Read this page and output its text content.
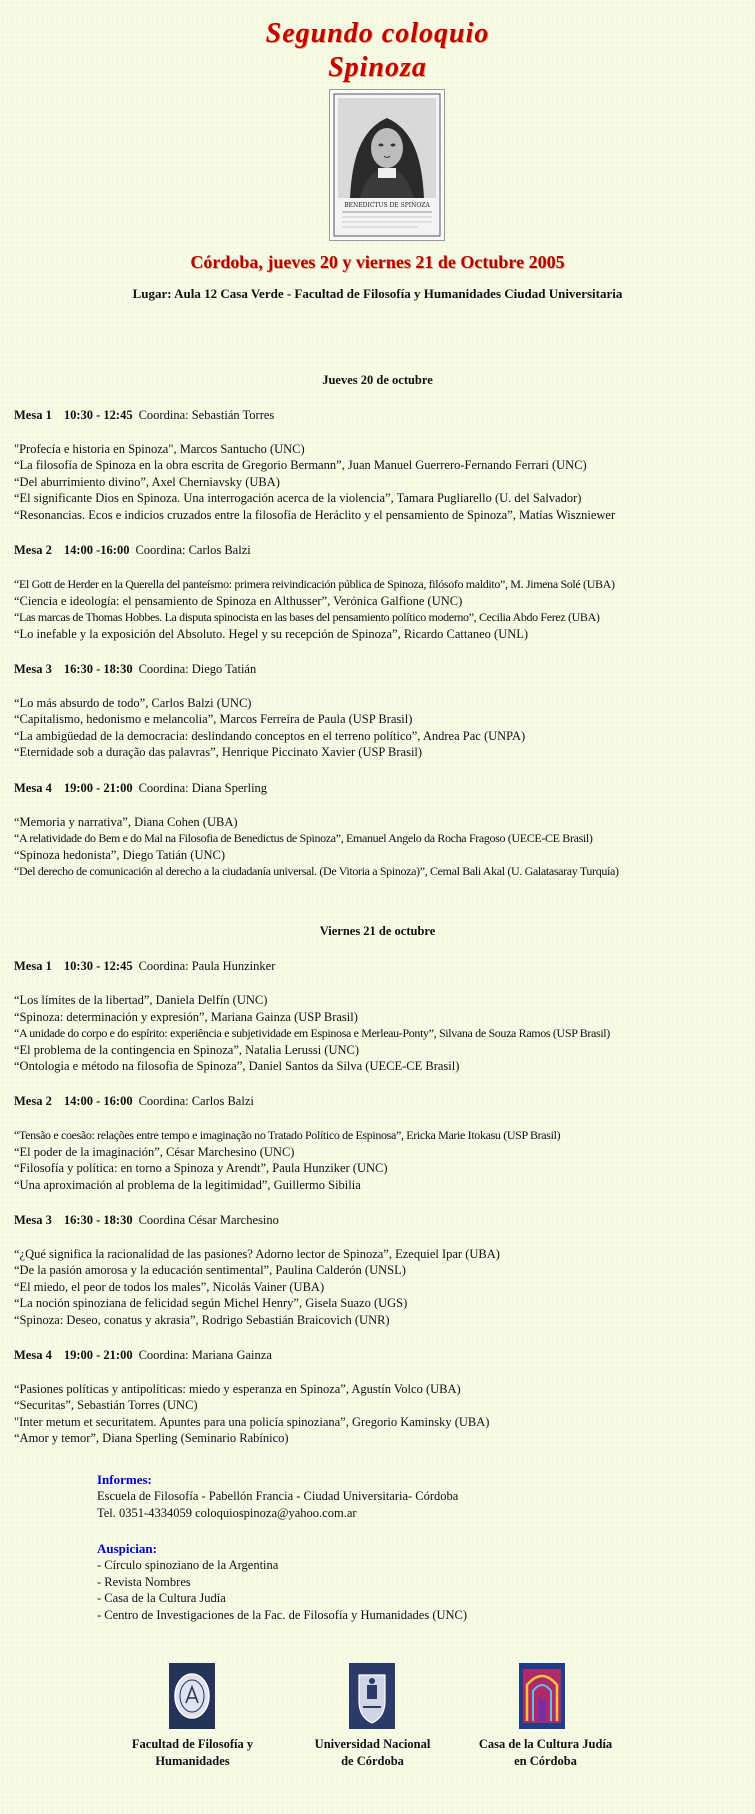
Segundo coloquio
Spinoza
BENEDICTUS DE SPINOZA
Córdoba, jueves 20 y viernes 21 de Octubre 2005
Lugar: Aula 12 Casa Verde - Facultad de Filosofía y Humanidades Ciudad Universitaria
Jueves 20 de octubre
Mesa 1 10:30 - 12:45 Coordina: Sebastián Torres
"Profecía e historia en Spinoza", Marcos Santucho (UNC)
“La filosofía de Spinoza en la obra escrita de Gregorio Bermann”, Juan Manuel Guerrero-Fernando Ferrari (UNC)
“Del aburrimiento divino”, Axel Cherniavsky (UBA)
“El significante Dios en Spinoza. Una interrogación acerca de la violencia”, Tamara Pugliarello (U. del Salvador)
“Resonancias. Ecos e indicios cruzados entre la filosofía de Heráclito y el pensamiento de Spinoza”, Matías Wiszniewer
Mesa 2 14:00 -16:00 Coordina: Carlos Balzi
“El Gott de Herder en la Querella del panteísmo: primera reivindicación pública de Spinoza, filósofo maldito”, M. Jimena Solé (UBA)
“Ciencia e ideología: el pensamiento de Spinoza en Althusser”, Verónica Galfione (UNC)
“Las marcas de Thomas Hobbes. La disputa spinocista en las bases del pensamiento político moderno”, Cecilia Abdo Ferez (UBA)
“Lo inefable y la exposición del Absoluto. Hegel y su recepción de Spinoza”, Ricardo Cattaneo (UNL)
Mesa 3 16:30 - 18:30 Coordina: Diego Tatián
“Lo más absurdo de todo”, Carlos Balzi (UNC)
“Capitalismo, hedonismo e melancolia”, Marcos Ferreira de Paula (USP Brasil)
“La ambigüedad de la democracia: deslindando conceptos en el terreno político”, Andrea Pac (UNPA)
“Eternidade sob a duração das palavras”, Henrique Piccinato Xavier (USP Brasil)
Mesa 4 19:00 - 21:00 Coordina: Diana Sperling
“Memoria y narrativa”, Diana Cohen (UBA)
“A relatividade do Bem e do Mal na Filosofia de Benedictus de Spinoza”, Emanuel Angelo da Rocha Fragoso (UECE-CE Brasil)
“Spinoza hedonista”, Diego Tatián (UNC)
“Del derecho de comunicación al derecho a la ciudadanía universal. (De Vitoria a Spinoza)”, Cemal Bali Akal (U. Galatasaray Turquía)
Viernes 21 de octubre
Mesa 1 10:30 - 12:45 Coordina: Paula Hunzinker
“Los límites de la libertad”, Daniela Delfín (UNC)
“Spinoza: determinación y expresión”, Mariana Gainza (USP Brasil)
“A unidade do corpo e do espírito: experiência e subjetividade em Espinosa e Merleau-Ponty”, Silvana de Souza Ramos (USP Brasil)
“El problema de la contingencia en Spinoza”, Natalia Lerussi (UNC)
“Ontologia e método na filosofia de Spinoza”, Daniel Santos da Silva (UECE-CE Brasil)
Mesa 2 14:00 - 16:00 Coordina: Carlos Balzi
“Tensão e coesão: relações entre tempo e imaginação no Tratado Político de Espinosa”, Ericka Marie Itokasu (USP Brasil)
“El poder de la imaginación”, César Marchesino (UNC)
“Filosofía y política: en torno a Spinoza y Arendt”, Paula Hunziker (UNC)
“Una aproximación al problema de la legitimidad”, Guillermo Sibilia
Mesa 3 16:30 - 18:30 Coordina César Marchesino
“¿Qué significa la racionalidad de las pasiones? Adorno lector de Spinoza”, Ezequiel Ipar (UBA)
“De la pasión amorosa y la educación sentimental”, Paulina Calderón (UNSL)
“El miedo, el peor de todos los males”, Nicolás Vainer (UBA)
“La noción spinoziana de felicidad según Michel Henry”, Gisela Suazo (UGS)
“Spinoza: Deseo, conatus y akrasia”, Rodrigo Sebastián Braicovich (UNR)
Mesa 4 19:00 - 21:00 Coordina: Mariana Gainza
“Pasiones políticas y antipolíticas: miedo y esperanza en Spinoza”, Agustín Volco (UBA)
“Securitas”, Sebastián Torres (UNC)
"Inter metum et securitatem. Apuntes para una policía spinoziana”, Gregorio Kaminsky (UBA)
“Amor y temor”, Diana Sperling (Seminario Rabínico)
Informes:
Escuela de Filosofía - Pabellón Francia - Ciudad Universitaria- Córdoba
Tel. 0351-4334059 coloquiospinoza@yahoo.com.ar
Auspician:
- Círculo spinoziano de la Argentina
- Revista Nombres
- Casa de la Cultura Judía
- Centro de Investigaciones de la Fac. de Filosofía y Humanidades (UNC)
Facultad de Filosofía y
Humanidades
Universidad Nacional
de Córdoba
Casa de la Cultura Judía
en Córdoba
